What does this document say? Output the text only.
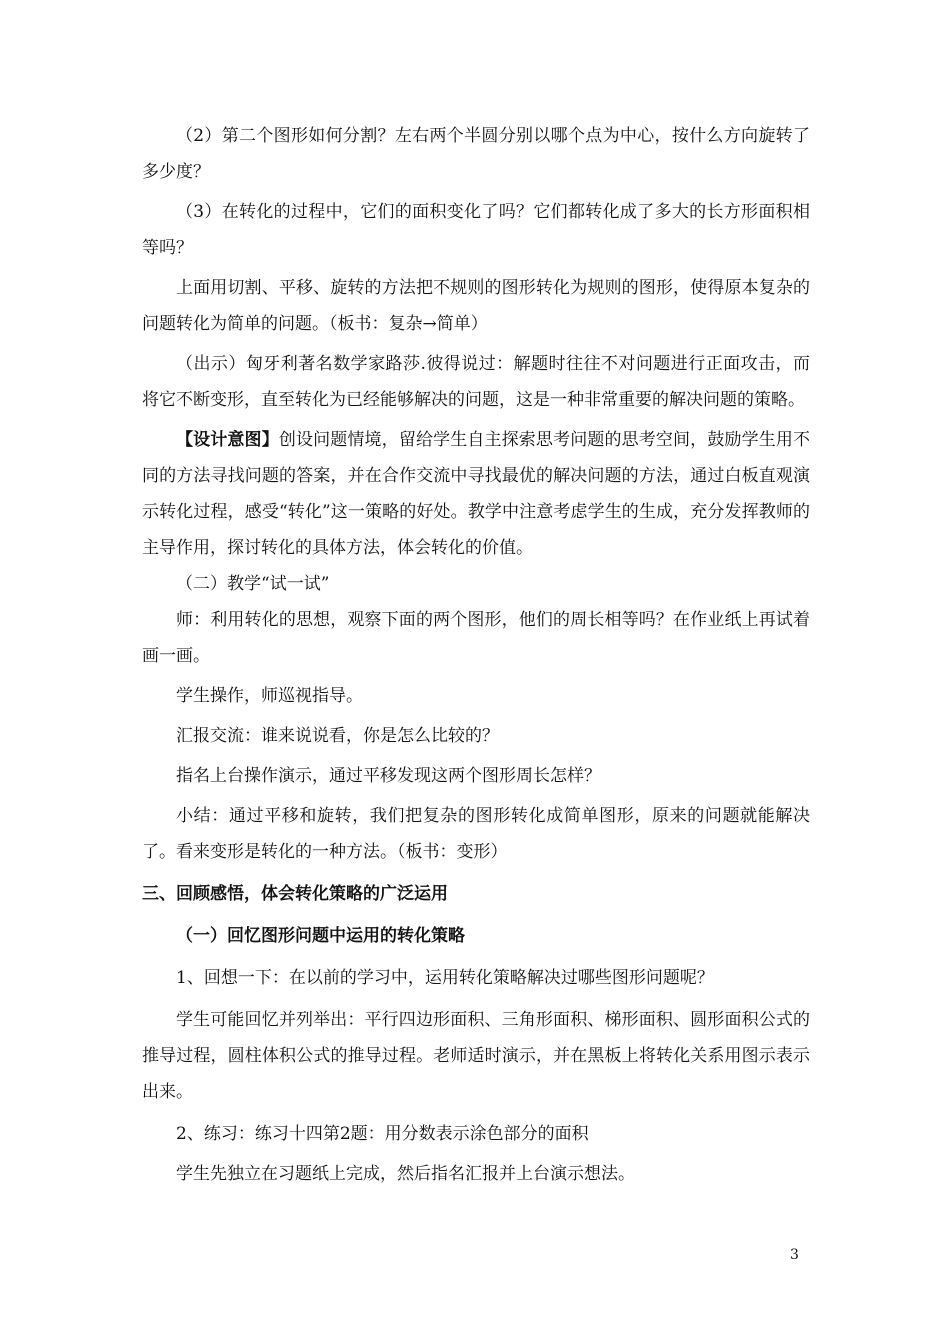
（2）第二个图形如何分割？左右两个半圆分别以哪个点为中心，按什么方向旋转了多少度？

（3）在转化的过程中，它们的面积变化了吗？它们都转化成了多大的长方形面积相等吗？

上面用切割、平移、旋转的方法把不规则的图形转化为规则的图形，使得原本复杂的问题转化为简单的问题。（板书：复杂→简单）

（出示）匈牙利著名数学家路莎.彼得说过：解题时往往不对问题进行正面攻击，而将它不断变形，直至转化为已经能够解决的问题，这是一种非常重要的解决问题的策略。

【设计意图】创设问题情境，留给学生自主探索思考问题的思考空间，鼓励学生用不同的方法寻找问题的答案，并在合作交流中寻找最优的解决问题的方法，通过白板直观演示转化过程，感受“转化”这一策略的好处。教学中注意考虑学生的生成，充分发挥教师的主导作用，探讨转化的具体方法，体会转化的价值。

（二）教学“试一试”

师：利用转化的思想，观察下面的两个图形，他们的周长相等吗？在作业纸上再试着画一画。

学生操作，师巡视指导。

汇报交流：谁来说说看，你是怎么比较的？

指名上台操作演示，通过平移发现这两个图形周长怎样？

小结：通过平移和旋转，我们把复杂的图形转化成简单图形，原来的问题就能解决了。看来变形是转化的一种方法。（板书：变形）

三、回顾感悟，体会转化策略的广泛运用

（一）回忆图形问题中运用的转化策略

1、回想一下：在以前的学习中，运用转化策略解决过哪些图形问题呢？

学生可能回忆并列举出：平行四边形面积、三角形面积、梯形面积、圆形面积公式的推导过程，圆柱体积公式的推导过程。老师适时演示，并在黑板上将转化关系用图示表示出来。

2、练习：练习十四第2题：用分数表示涂色部分的面积

学生先独立在习题纸上完成，然后指名汇报并上台演示想法。

3
